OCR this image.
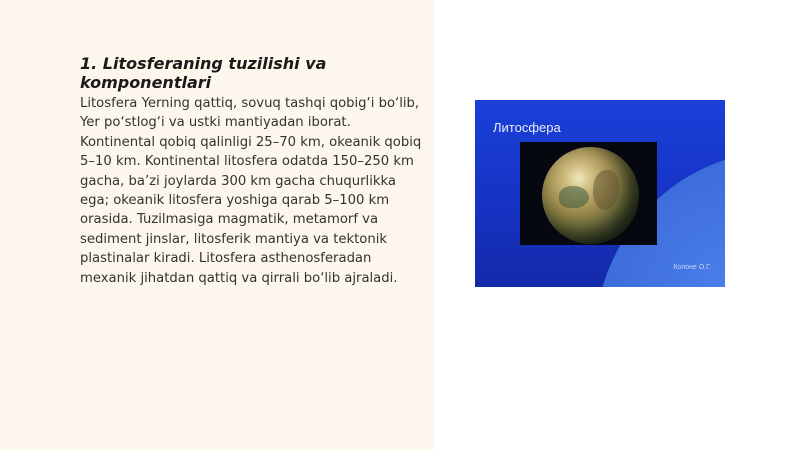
1. Litosferaning tuzilishi va komponentlari

Litosfera Yerning qattiq, sovuq tashqi qobig‘i bo‘lib, Yer po‘stlog‘i va ustki mantiyadan iborat. Kontinental qobiq qalinligi 25–70 km, okeanik qobiq 5–10 km. Kontinental litosfera odatda 150–250 km gacha, ba’zi joylarda 300 km gacha chuqurlikka ega; okeanik litosfera yoshiga qarab 5–100 km orasida. Tuzilmasiga magmatik, metamorf va sediment jinslar, litosferik mantiya va tektonik plastinalar kiradi. Litosfera asthenosferadan mexanik jihatdan qattiq va qirrali bo‘lib ajraladi.

Литосфера
Копоне О.Г.
